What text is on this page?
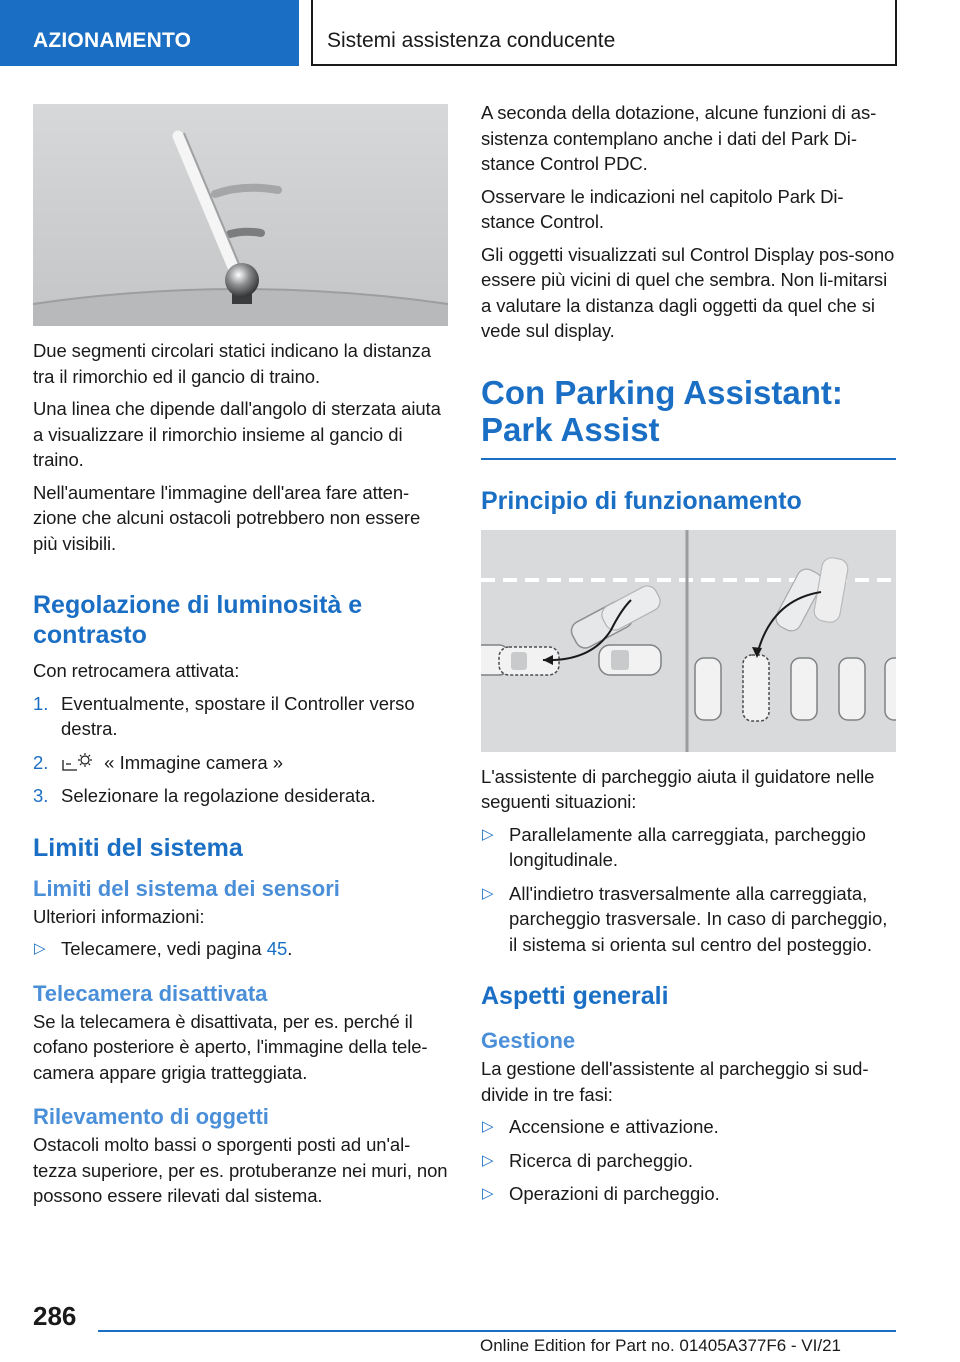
AZIONAMENTO	Sistemi assistenza conducente

Due segmenti circolari statici indicano la distanza tra il rimorchio ed il gancio di traino.

Una linea che dipende dall'angolo di sterzata aiuta a visualizzare il rimorchio insieme al gancio di traino.

Nell'aumentare l'immagine dell'area fare atten-zione che alcuni ostacoli potrebbero non essere più visibili.

Regolazione di luminosità e contrasto

Con retrocamera attivata:

1. Eventualmente, spostare il Controller verso destra.
2.	« Immagine camera »
3. Selezionare la regolazione desiderata.
Limiti del sistema
Limiti del sistema dei sensori

Ulteriori informazioni:

▷ Telecamere, vedi pagina 45.
Telecamera disattivata

Se la telecamera è disattivata, per es. perché il cofano posteriore è aperto, l'immagine della tele-camera appare grigia tratteggiata.

Rilevamento di oggetti

Ostacoli molto bassi o sporgenti posti ad un'al-tezza superiore, per es. protuberanze nei muri, non possono essere rilevati dal sistema.

A seconda della dotazione, alcune funzioni di as-sistenza contemplano anche i dati del Park Di-stance Control PDC.

Osservare le indicazioni nel capitolo Park Di-stance Control.

Gli oggetti visualizzati sul Control Display pos-sono essere più vicini di quel che sembra. Non li-mitarsi a valutare la distanza dagli oggetti da quel che si vede sul display.

Con Parking Assistant: Park Assist
Principio di funzionamento

L'assistente di parcheggio aiuta il guidatore nelle seguenti situazioni:

▷ Parallelamente alla carreggiata, parcheggio longitudinale.
▷ All'indietro trasversalmente alla carreggiata, parcheggio trasversale. In caso di parcheggio, il sistema si orienta sul centro del posteggio.
Aspetti generali
Gestione

La gestione dell'assistente al parcheggio si sud-divide in tre fasi:

▷ Accensione e attivazione.
▷ Ricerca di parcheggio.
▷ Operazioni di parcheggio.
286
Online Edition for Part no. 01405A377F6 - VI/21
